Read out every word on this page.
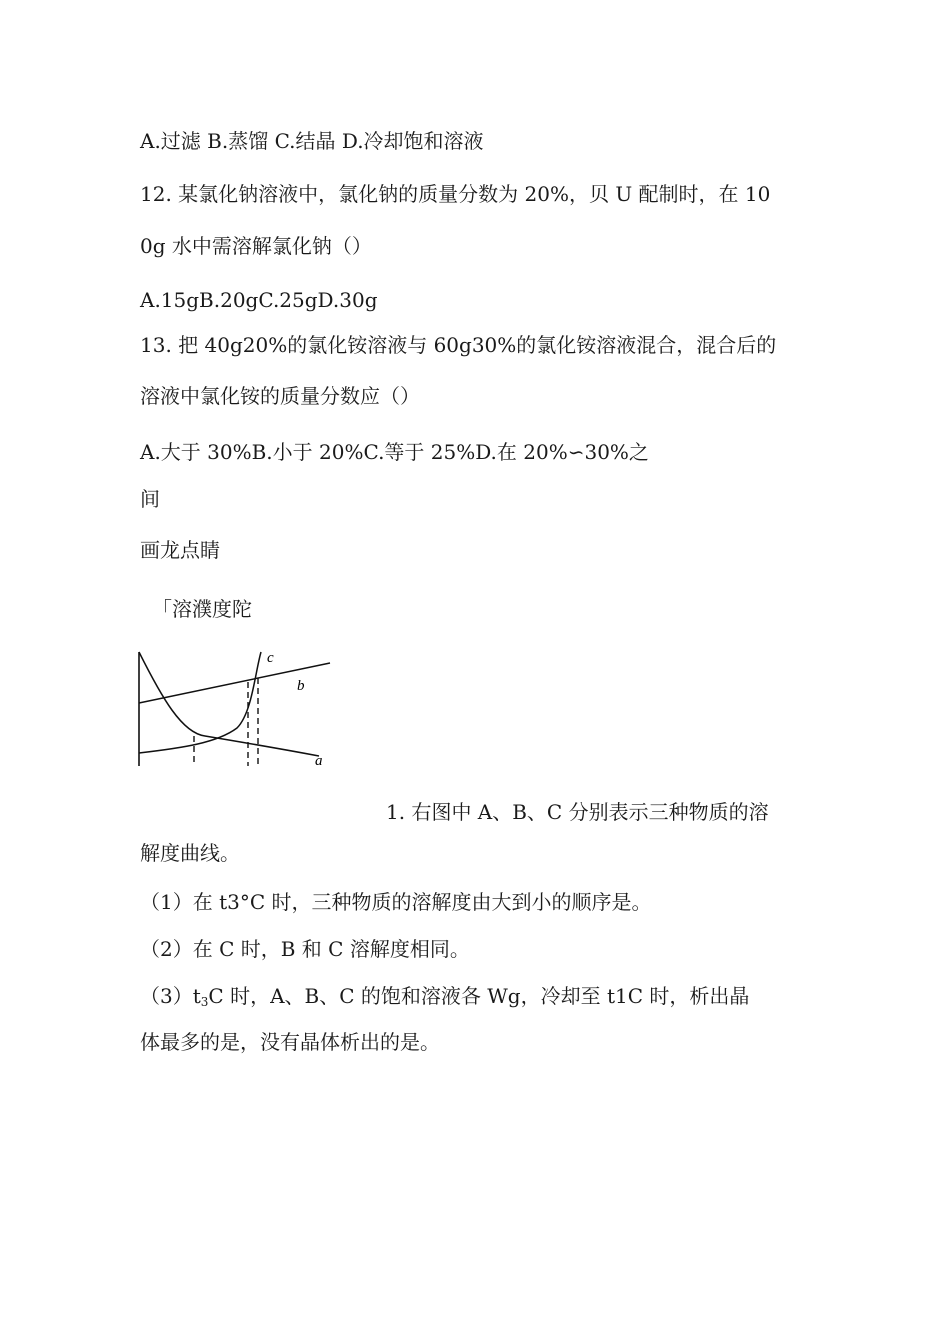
A.过滤 B.蒸馏 C.结晶 D.冷却饱和溶液

12. 某氯化钠溶液中，氯化钠的质量分数为 20%，贝 U 配制时，在 10

0g 水中需溶解氯化钠（）

A.15gB.20gC.25gD.30g

13. 把 40g20%的氯化铵溶液与 60g30%的氯化铵溶液混合，混合后的

溶液中氯化铵的质量分数应（）

A.大于 30%B.小于 20%C.等于 25%D.在 20%∽30%之

间

画龙点睛

「溶濮度陀

c
b
a

1. 右图中 A、B、C 分别表示三种物质的溶

解度曲线。

（1）在 t3°C 时，三种物质的溶解度由大到小的顺序是。

（2）在 C 时，B 和 C 溶解度相同。

$(3)t_3C$ 时，A、B、C 的饱和溶液各 Wg，冷却至 t1C 时，析出晶

体最多的是，没有晶体析出的是。
